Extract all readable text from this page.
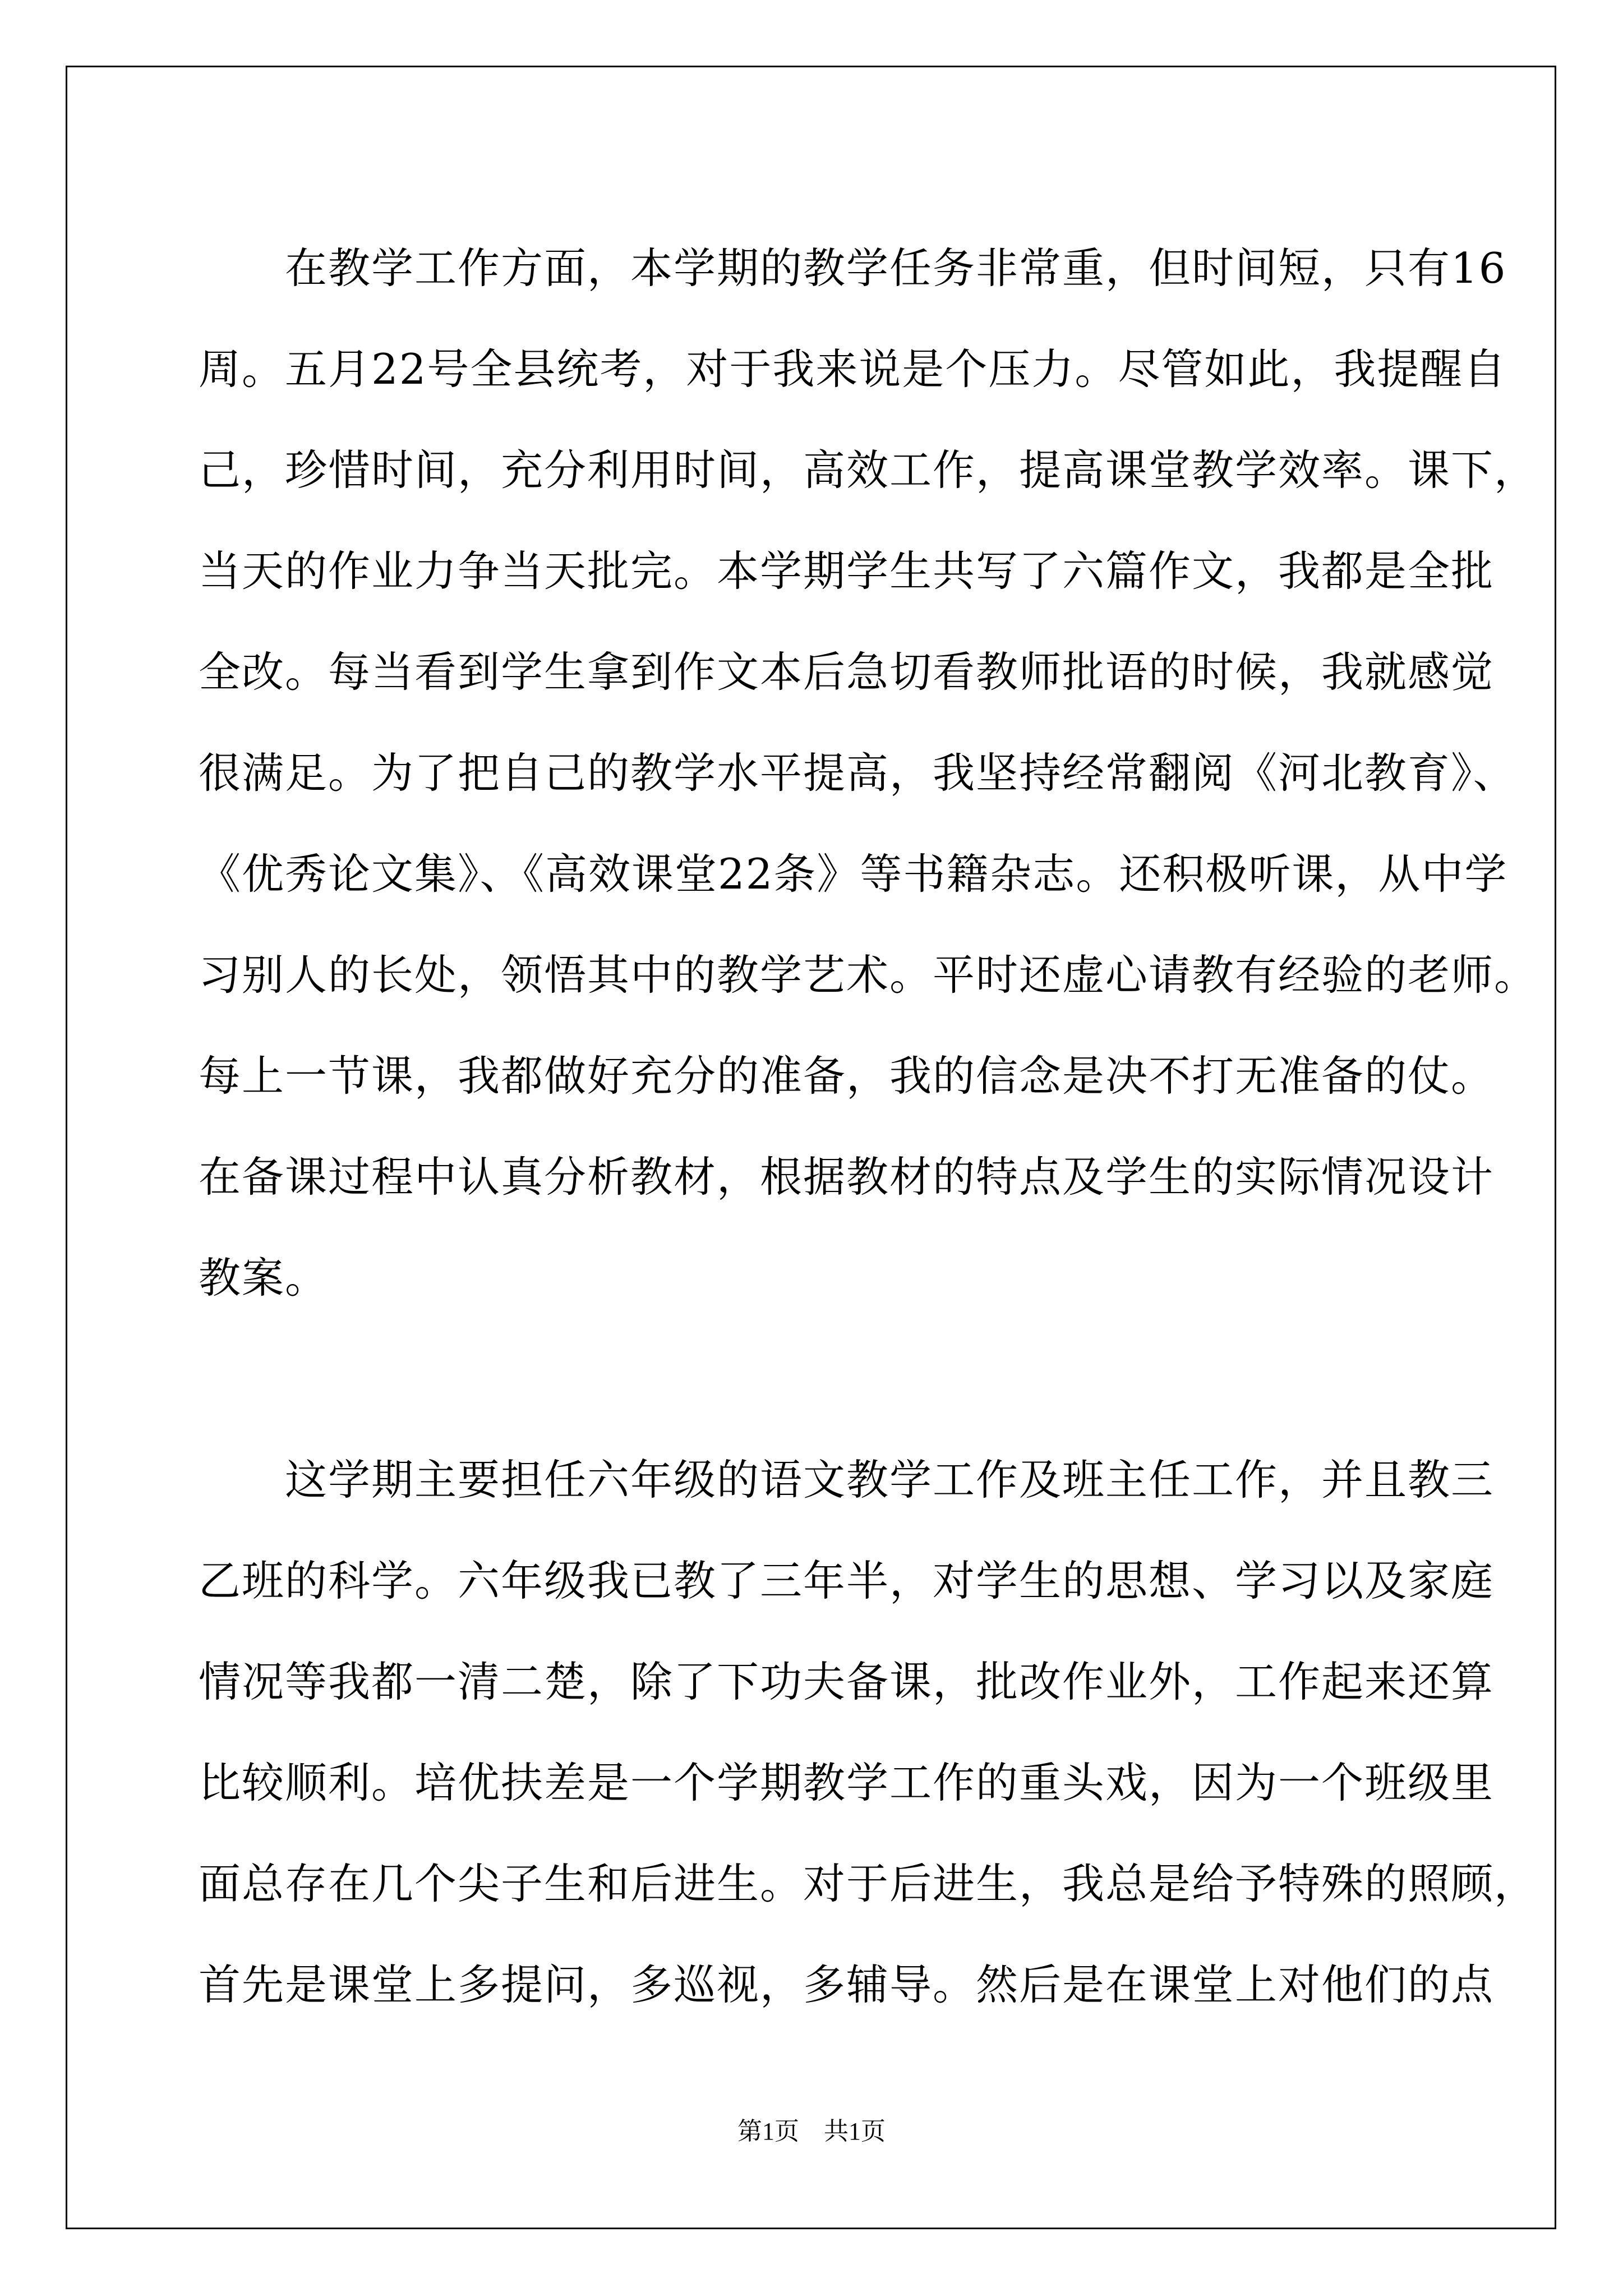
　　在教学工作方面，本学期的教学任务非常重，但时间短，只有16
周。五月22号全县统考，对于我来说是个压力。尽管如此，我提醒自
己，珍惜时间，充分利用时间，高效工作，提高课堂教学效率。课下，
当天的作业力争当天批完。本学期学生共写了六篇作文，我都是全批
全改。每当看到学生拿到作文本后急切看教师批语的时候，我就感觉
很满足。为了把自己的教学水平提高，我坚持经常翻阅《河北教育》、
《优秀论文集》、《高效课堂22条》等书籍杂志。还积极听课，从中学
习别人的长处，领悟其中的教学艺术。平时还虚心请教有经验的老师。
每上一节课，我都做好充分的准备，我的信念是决不打无准备的仗。
在备课过程中认真分析教材，根据教材的特点及学生的实际情况设计
教案。
　　这学期主要担任六年级的语文教学工作及班主任工作，并且教三
乙班的科学。六年级我已教了三年半，对学生的思想、学习以及家庭
情况等我都一清二楚，除了下功夫备课，批改作业外，工作起来还算
比较顺利。培优扶差是一个学期教学工作的重头戏，因为一个班级里
面总存在几个尖子生和后进生。对于后进生，我总是给予特殊的照顾，
首先是课堂上多提问，多巡视，多辅导。然后是在课堂上对他们的点
第1页　共1页
